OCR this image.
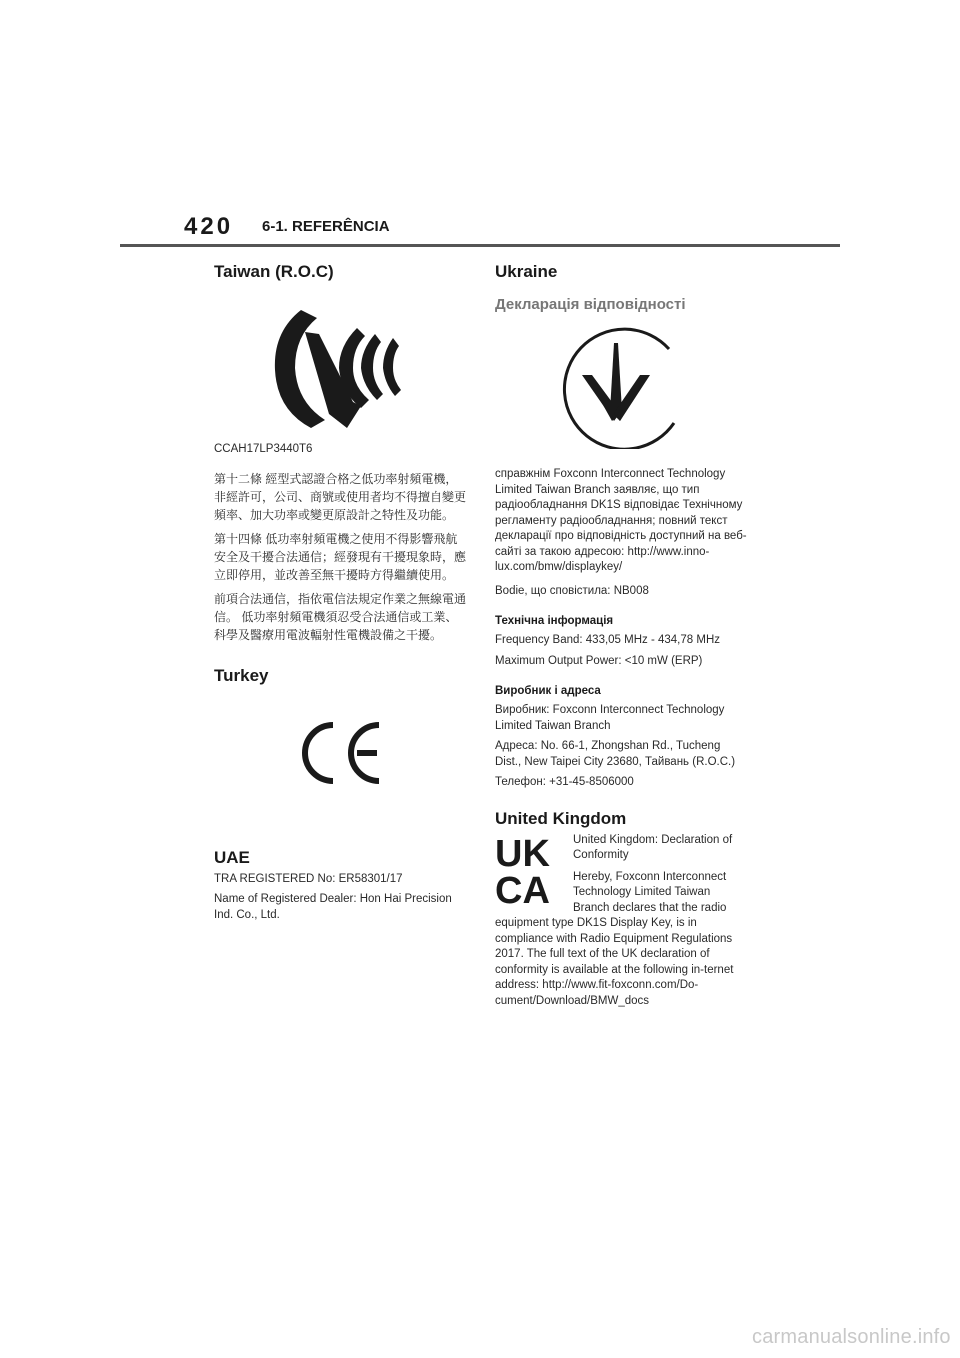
420 6-1. REFERÊNCIA
Taiwan (R.O.C)

CCAH17LP3440T6

第十二條 經型式認證合格之低功率射頻電機，非經許可，公司、商號或使用者均不得擅自變更頻率、加大功率或變更原設計之特性及功能。

第十四條 低功率射頻電機之使用不得影響飛航安全及干擾合法通信；經發現有干擾現象時，應立即停用，並改善至無干擾時方得繼續使用。

前項合法通信，指依電信法規定作業之無線電通信。 低功率射頻電機須忍受合法通信或工業、科學及醫療用電波輻射性電機設備之干擾。

Turkey
UAE

TRA REGISTERED No: ER58301/17

Name of Registered Dealer: Hon Hai Precision Ind. Co., Ltd.

Ukraine
Декларація відповідності

справжнім Foxconn Interconnect Technology Limited Taiwan Branch заявляє, що тип радіообладнання DK1S відповідає Технічному регламенту радіообладнання; повний текст декларації про відповідність доступний на веб-сайті за такою адресою: http://www.inno-lux.com/bmw/displaykey/

Bodie, що сповістила: NB008

Технічна інформація

Frequency Band: 433,05 MHz - 434,78 MHz

Maximum Output Power: <10 mW (ERP)

Виробник і адреса

Виробник: Foxconn Interconnect Technology Limited Taiwan Branch

Адреса: No. 66-1, Zhongshan Rd., Tucheng Dist., New Taipei City 23680, Тайвань (R.O.C.)

Телефон: +31-45-8506000

United Kingdom
UK
CA

United Kingdom: Declaration of Conformity

Hereby, Foxconn Interconnect Technology Limited Taiwan Branch declares that the radio equipment type DK1S Display Key, is in compliance with Radio Equipment Regulations 2017. The full text of the UK declaration of conformity is available at the following in-ternet address: http://www.fit-foxconn.com/Do-cument/Download/BMW_docs

carmanualsonline.info
